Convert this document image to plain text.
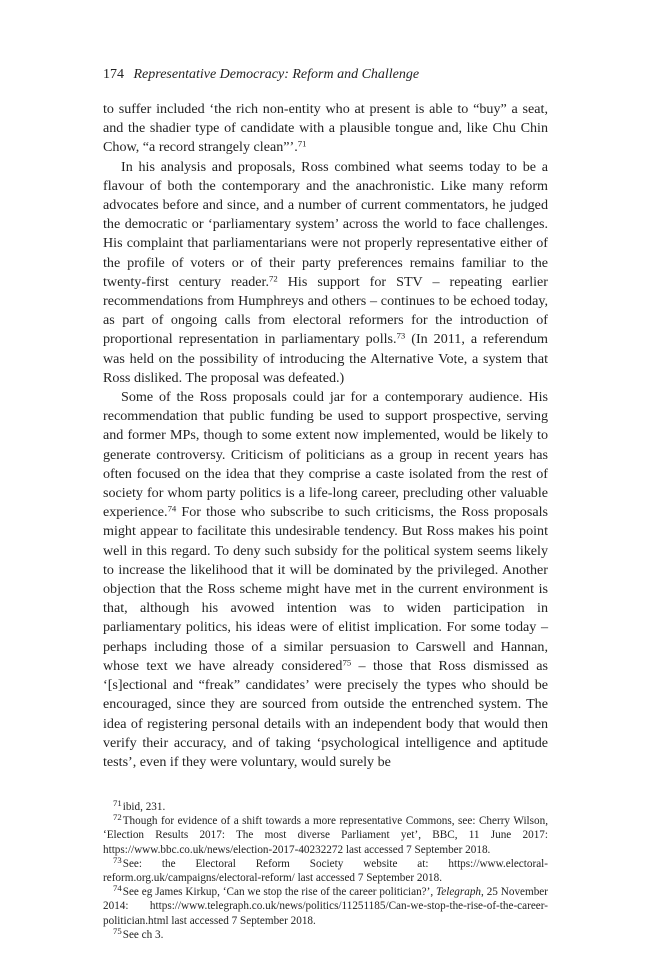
174 Representative Democracy: Reform and Challenge

to suffer included ‘the rich non-entity who at present is able to “buy” a seat, and the shadier type of candidate with a plausible tongue and, like Chu Chin Chow, “a record strangely clean”’.$^{71}$

In his analysis and proposals, Ross combined what seems today to be a flavour of both the contemporary and the anachronistic. Like many reform advocates before and since, and a number of current commentators, he judged the democratic or ‘parliamentary system’ across the world to face challenges. His complaint that parliamentarians were not properly representative either of the profile of voters or of their party preferences remains familiar to the twenty-first century reader.$^{72}$ His support for STV – repeating earlier recommendations from Humphreys and others – continues to be echoed today, as part of ongoing calls from electoral reformers for the introduction of proportional representation in parliamentary polls.$^{73}$ (In 2011, a referendum was held on the possibility of introducing the Alternative Vote, a system that Ross disliked. The proposal was defeated.)

Some of the Ross proposals could jar for a contemporary audience. His recommendation that public funding be used to support prospective, serving and former MPs, though to some extent now implemented, would be likely to generate controversy. Criticism of politicians as a group in recent years has often focused on the idea that they comprise a caste isolated from the rest of society for whom party politics is a life-long career, precluding other valuable experience.$^{74}$ For those who subscribe to such criticisms, the Ross proposals might appear to facilitate this undesirable tendency. But Ross makes his point well in this regard. To deny such subsidy for the political system seems likely to increase the likelihood that it will be dominated by the privileged. Another objection that the Ross scheme might have met in the current environment is that, although his avowed intention was to widen participation in parliamentary politics, his ideas were of elitist implication. For some today – perhaps including those of a similar persuasion to Carswell and Hannan, whose text we have already considered$^{75}$ – those that Ross dismissed as ‘[s]ectional and “freak” candidates’ were precisely the types who should be encouraged, since they are sourced from outside the entrenched system. The idea of registering personal details with an independent body that would then verify their accuracy, and of taking ‘psychological intelligence and aptitude tests’, even if they were voluntary, would surely be

$^{71}$ibid, 231.
$^{72}$Though for evidence of a shift towards a more representative Commons, see: Cherry Wilson, ‘Election Results 2017: The most diverse Parliament yet’, BBC, 11 June 2017: https://www.bbc.co.uk/news/election-2017-40232272 last accessed 7 September 2018.
$^{73}$See: the Electoral Reform Society website at: https://www.electoral-reform.org.uk/campaigns/electoral-reform/ last accessed 7 September 2018.
$^{74}$See eg James Kirkup, ‘Can we stop the rise of the career politician?’, Telegraph, 25 November 2014: https://www.telegraph.co.uk/news/politics/11251185/Can-we-stop-the-rise-of-the-career-politician.html last accessed 7 September 2018.
$^{75}$See ch 3.
